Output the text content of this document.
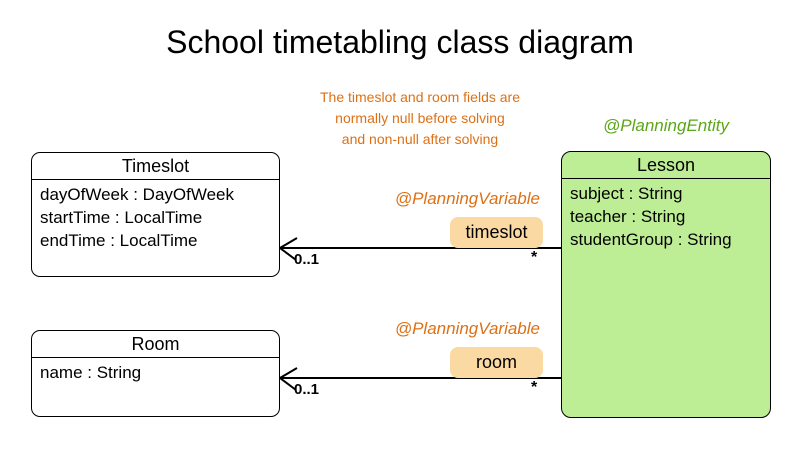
School timetabling class diagram
The timeslot and room fields are
normally null before solving
and non-null after solving
Timeslot
dayOfWeek : DayOfWeek
startTime : LocalTime
endTime : LocalTime
Room
name : String
@PlanningEntity
Lesson
subject : String
teacher : String
studentGroup : String
@PlanningVariable
timeslot
0..1	*
@PlanningVariable
room
0..1	*
